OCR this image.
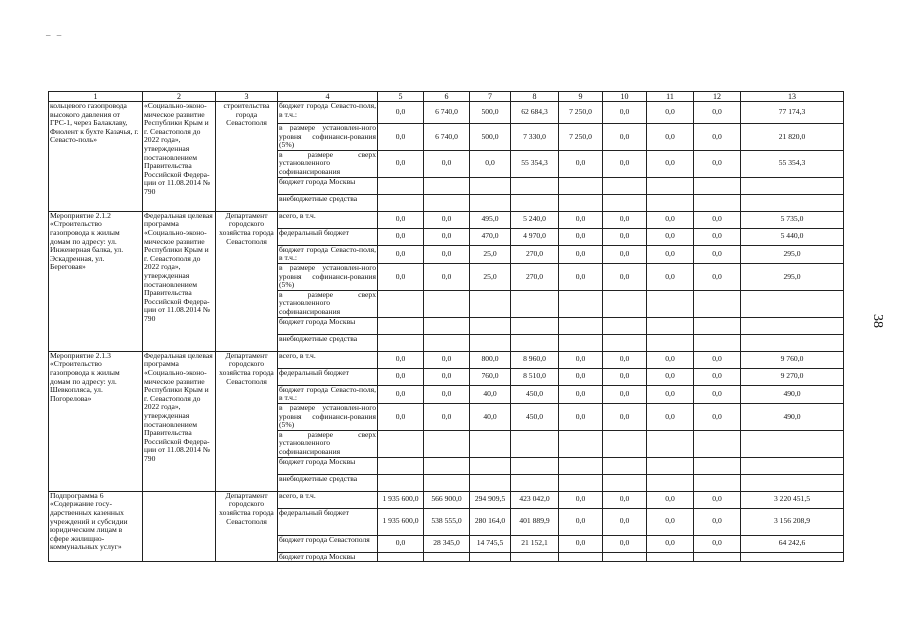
– –
38
1	2	3	4	5	6	7	8	9	10	11	12	13
кольцевого газопровода высокого давления от ГРС-1, через Балаклаву, Фиолент к бухте Казачья, г. Севасто-поль»	«Социально-эконо-мическое развитие Республики Крым и г. Севастополя до 2022 года», утвержденная постановлением Правительства Российской Федера-ции от 11.08.2014 № 790	строительства города Севастополя	бюджет города Севасто-поля, в т.ч.:	0,0	6 740,0	500,0	62 684,3	7 250,0	0,0	0,0	0,0	77 174,3
			в размере установлен-ного уровня софинанси-рования (5%)	0,0	6 740,0	500,0	7 330,0	7 250,0	0,0	0,0	0,0	21 820,0
			в размере сверх установленного софинансирования	0,0	0,0	0,0	55 354,3	0,0	0,0	0,0	0,0	55 354,3
			бюджет города Москвы									
			внебюджетные средства									
Мероприятие 2.1.2 «Строительство газопровода к жилым домам по адресу: ул. Инженерная балка, ул. Эскадренная, ул. Береговая»	Федеральная целевая программа «Социально-эконо-мическое развитие Республики Крым и г. Севастополя до 2022 года», утвержденная постановлением Правительства Российской Федера-ции от 11.08.2014 № 790	Департамент городского хозяйства города Севастополя	всего, в т.ч.	0,0	0,0	495,0	5 240,0	0,0	0,0	0,0	0,0	5 735,0
			федеральный бюджет	0,0	0,0	470,0	4 970,0	0,0	0,0	0,0	0,0	5 440,0
			бюджет города Севасто-поля, в т.ч.:	0,0	0,0	25,0	270,0	0,0	0,0	0,0	0,0	295,0
			в размере установлен-ного уровня софинанси-рования (5%)	0,0	0,0	25,0	270,0	0,0	0,0	0,0	0,0	295,0
			в размере сверх установленного софинансирования									
			бюджет города Москвы									
			внебюджетные средства									
Мероприятие 2.1.3 «Строительство газопровода к жилым домам по адресу: ул. Шевкопляса, ул. Погорелова»	Федеральная целевая программа «Социально-эконо-мическое развитие Республики Крым и г. Севастополя до 2022 года», утвержденная постановлением Правительства Российской Федера-ции от 11.08.2014 № 790	Департамент городского хозяйства города Севастополя	всего, в т.ч.	0,0	0,0	800,0	8 960,0	0,0	0,0	0,0	0,0	9 760,0
			федеральный бюджет	0,0	0,0	760,0	8 510,0	0,0	0,0	0,0	0,0	9 270,0
			бюджет города Севасто-поля, в т.ч.:	0,0	0,0	40,0	450,0	0,0	0,0	0,0	0,0	490,0
			в размере установлен-ного уровня софинанси-рования (5%)	0,0	0,0	40,0	450,0	0,0	0,0	0,0	0,0	490,0
			в размере сверх установленного софинансирования									
			бюджет города Москвы									
			внебюджетные средства									
Подпрограмма 6 «Содержание госу-дарственных казенных учреждений и субсидии юридическим лицам в сфере жилищно-коммунальных услуг»		Департамент городского хозяйства города Севастополя	всего, в т.ч.	1 935 600,0	566 900,0	294 909,5	423 042,0	0,0	0,0	0,0	0,0	3 220 451,5
			федеральный бюджет	1 935 600,0	538 555,0	280 164,0	401 889,9	0,0	0,0	0,0	0,0	3 156 208,9
			бюджет города Севастополя	0,0	28 345,0	14 745,5	21 152,1	0,0	0,0	0,0	0,0	64 242,6
			бюджет города Москвы									
